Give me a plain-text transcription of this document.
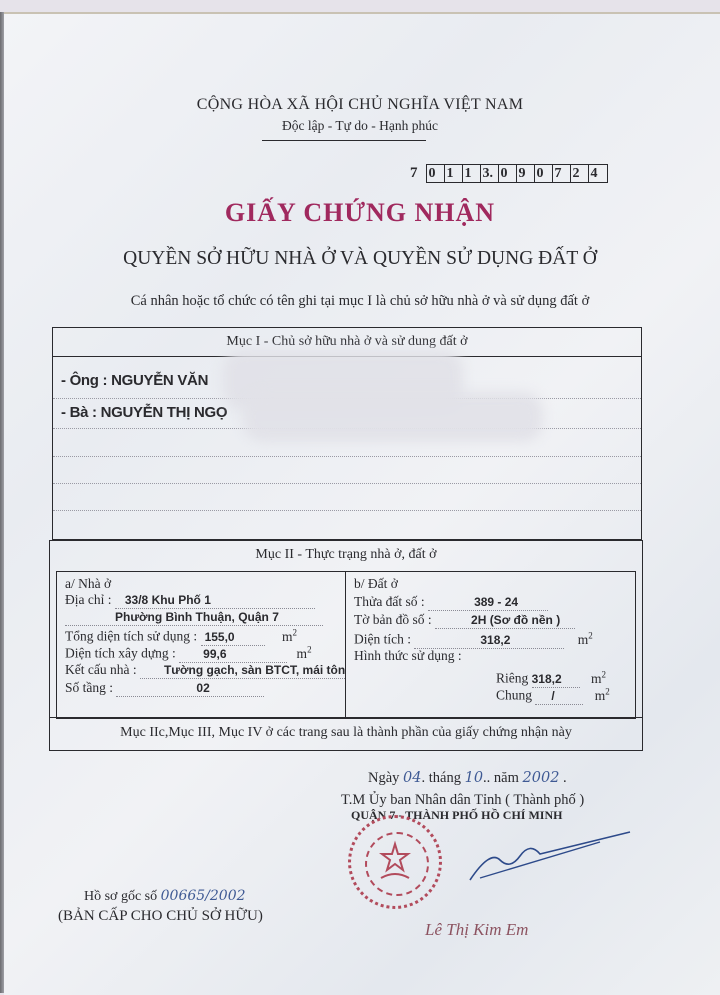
CỘNG HÒA XÃ HỘI CHỦ NGHĨA VIỆT NAM
Độc lập - Tự do - Hạnh phúc
7 0 1 1 3. 0 9 0 7 2 4
GIẤY CHỨNG NHẬN
QUYỀN SỞ HỮU NHÀ Ở VÀ QUYỀN SỬ DỤNG ĐẤT Ở
Cá nhân hoặc tổ chức có tên ghi tại mục I là chủ sở hữu nhà ở và sử dụng đất ở
Mục I - Chủ sở hữu nhà ở và sử dung đất ở
- Ông : NGUYỄN VĂN
- Bà : NGUYỄN THỊ NGỌ
Mục II - Thực trạng nhà ở, đất ở
a/ Nhà ở
Địa chỉ : 33/8 Khu Phố 1
Phường Bình Thuận, Quận 7
Tổng diện tích sử dụng : 155,0	$m^2$
Diện tích xây dựng : 99,6	$m^2$
Kết cấu nhà : Tường gạch, sàn BTCT, mái tôn
Số tầng :	02
b/ Đất ở
Thửa đất số :	389 - 24
Tờ bản đồ số :	2H (Sơ đồ nền )
Diện tích :	318,2	$m^2$
Hình thức sử dụng :
Riêng 318,2 $m^2$
Chung /	$m^2$
Mục IIc,Mục III, Mục IV ở các trang sau là thành phần của giấy chứng nhận này
Ngày 04. tháng 10.. năm 2002 .
T.M Ủy ban Nhân dân Tỉnh ( Thành phố )
QUẬN 7 - THÀNH PHỐ HỒ CHÍ MINH
Lê Thị Kim Em
Hồ sơ gốc số 00665/2002
(BẢN CẤP CHO CHỦ SỞ HỮU)
